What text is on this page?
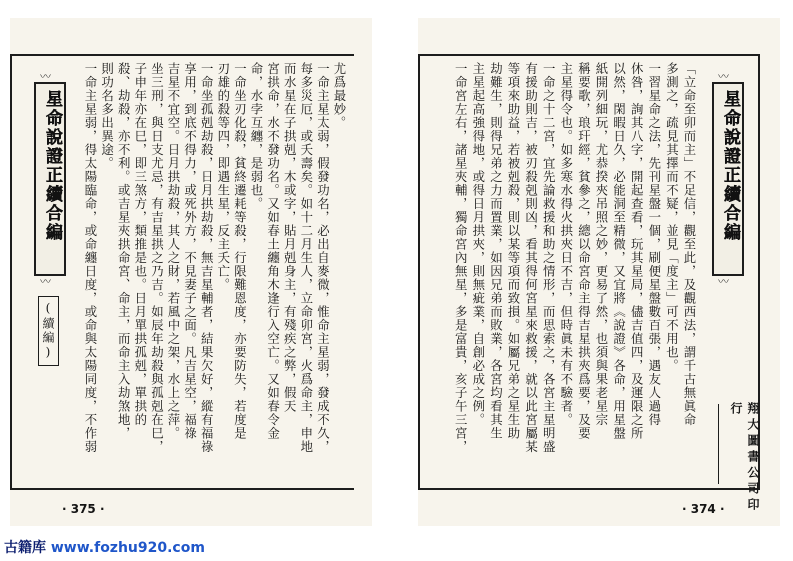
尤爲最妙。
一命主星太弱，假發功名，必出自麥微，惟命主星弱，發成不久，
每多災厄，或夭壽矣。如十二月生人，立命卯宮，火爲命主，申地
而水星在子拱剋，木或字，貼月剋身主，有殘疾之弊，假天
宮拱命，水不發功名。又如春土纏角木逢行入空亡。又如春令金
命，水孛互纏，是弱也。
一命坐刃化殺，貧終遷耗等殺，行限難恩度，亦要防失，若度是
刃雄的殺等四，即遇生星，反主夭亡。
一命坐孤剋劫殺，日月拱劫殺，無吉星輔者，結果欠好，縱有福祿
享用，到底不得力，或死外方，不見妻子之面。凡吉星空，福祿
吉星不宜空。日月拱劫殺，其人之財，若風中之架，水上之萍。
坐三刑，與日支尤忌，有吉星拱之乃吉。如辰年劫殺與孤剋在巳，
子申年亦在巳，即三煞方，類推是也。日月單拱孤剋，單拱的
殺、劫殺，亦不利。或吉星夾拱命宮、命主，而命主入劫煞地，
則功名多出異途。
一命主星弱，得太陽臨命，或命纏日度，或命與太陽同度，不作弱
星命說證正續合編
(續編)
〰
〰
· 375 ·
「立命至卯而主」不足信，觀至此，及觀西法，謂千古無眞命
多測之，疏見其擇而不疑，並見「度主」可不用也。
一習星命之法，先刊星盤一個，刷便星盤數百張，遇友人過得
休咎，詢其八字，開起查看，玩其星局，儘吉值四，及運限之所
以然，閑暇日久，必能洞至精微，又宜將《說證》各命，用星盤
紙開列細玩，尤恭揆夾吊照之妙，更易了然，也須與果老星宗
稱要歌，琅玕經，貧參之，總以命宮命主得吉星拱夾爲要，及要
主星得令也。如多寒水得火拱夾日不吉，但時眞未有不驗者。
一命之十二宮，宜先論救援和助之情形，而思索之，各宮主星明盛
有援助則吉，被刃殺剋則凶，看其得何宮星來救援，就以此宮屬某
等項來助益，若被剋殺，則以某等項而致損。如屬兄弟之星生助
劫難生，則得兄弟之力而置業，如因兄弟而敗業，各宮均看其生
主星起高強得地，或得日月拱夾，則無疵業，自創必成之例。
一命宮左右，諸星夾輔，獨命宮內無星，多是富貴，亥子午三宮，	星命說證正續合編
〰
〰
翔大圖書公司印行
· 374 ·
古籍库 www.fozhu920.com
